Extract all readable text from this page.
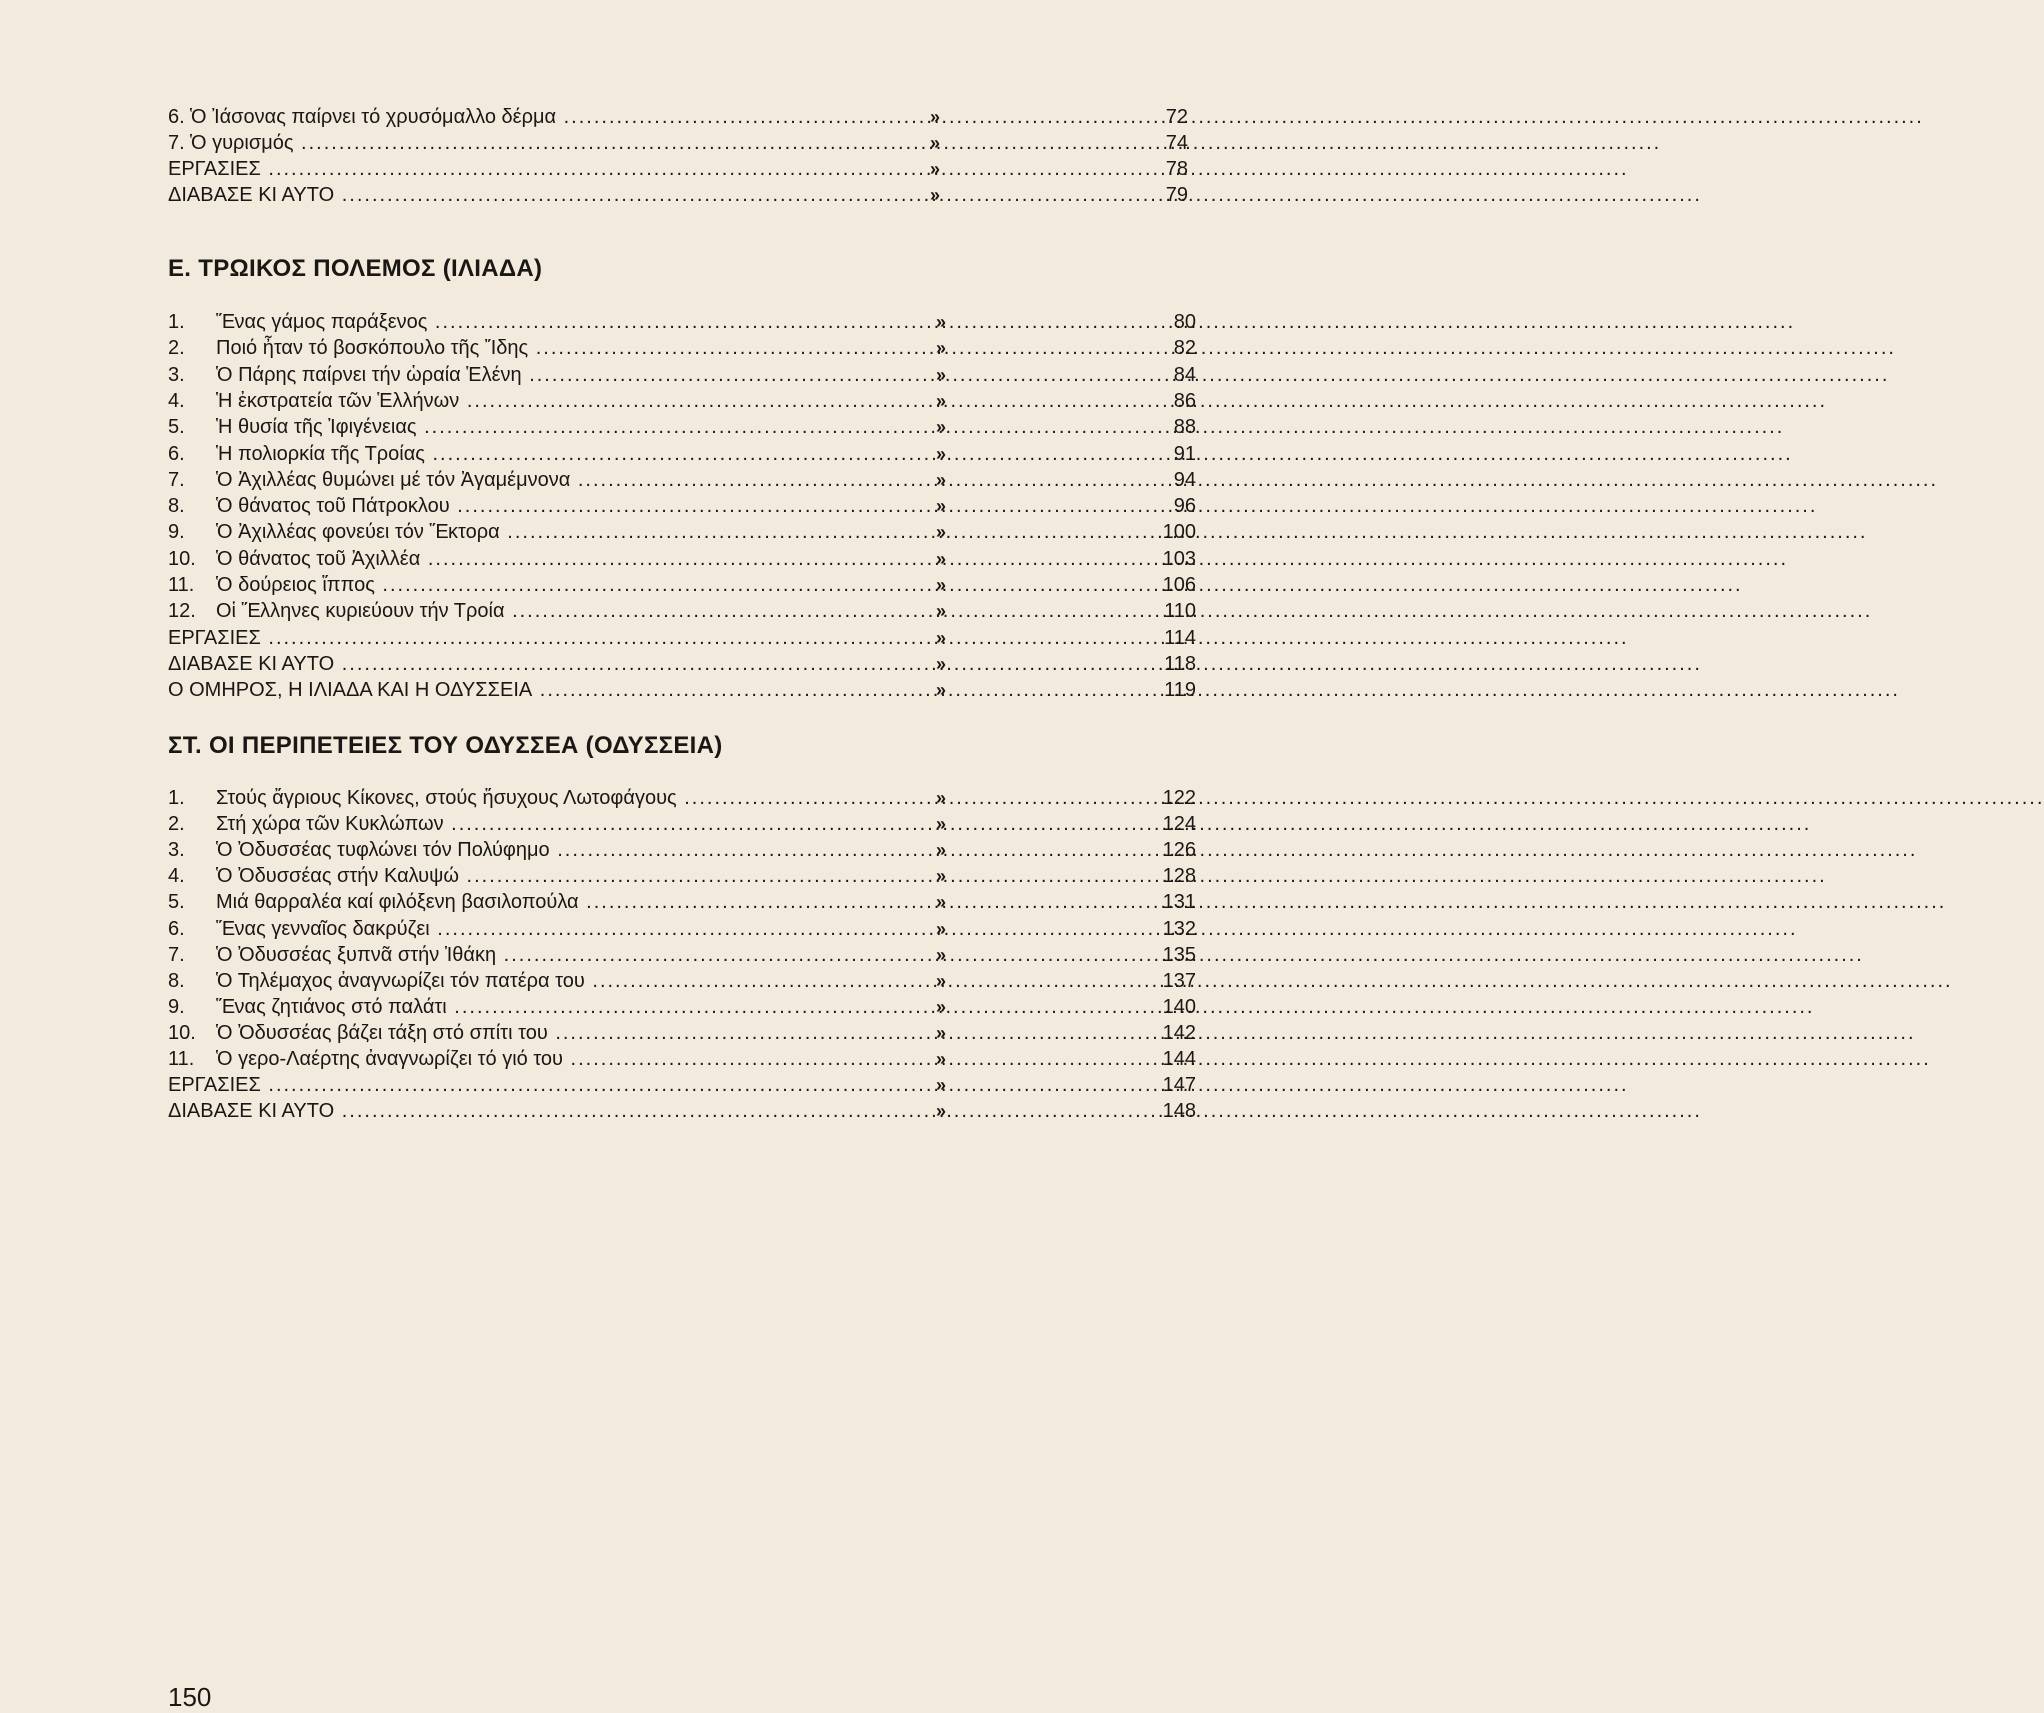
6. Ὁ Ἰάσονας παίρνει τό χρυσόμαλλο δέρμα .....	»	72
7. Ὁ γυρισμός .....	»	74
ΕΡΓΑΣΙΕΣ .....	»	78
ΔΙΑΒΑΣΕ ΚΙ ΑΥΤΟ .....	»	79
Ε. ΤΡΩΙΚΟΣ ΠΟΛΕΜΟΣ (ΙΛΙΑΔΑ)
1. Ἕνας γάμος παράξενος .....	»	80
2. Ποιό ἦταν τό βοσκόπουλο τῆς Ἴδης .....	»	82
3. Ὁ Πάρης παίρνει τήν ὡραία Ἑλένη .....	»	84
4. Ἡ ἐκστρατεία τῶν Ἑλλήνων .....	»	86
5. Ἡ θυσία τῆς Ἰφιγένειας .....	»	88
6. Ἡ πολιορκία τῆς Τροίας .....	»	91
7. Ὁ Ἀχιλλέας θυμώνει μέ τόν Ἀγαμέμνονα .....	»	94
8. Ὁ θάνατος τοῦ Πάτροκλου .....	»	96
9. Ὁ Ἀχιλλέας φονεύει τόν Ἕκτορα .....	»	100
10. Ὁ θάνατος τοῦ Ἀχιλλέα .....	»	103
11. Ὁ δούρειος ἵππος .....	»	106
12. Οἱ Ἕλληνες κυριεύουν τήν Τροία .....	»	110
ΕΡΓΑΣΙΕΣ .....	»	114
ΔΙΑΒΑΣΕ ΚΙ ΑΥΤΟ .....	»	118
Ο ΟΜΗΡΟΣ, Η ΙΛΙΑΔΑ ΚΑΙ Η ΟΔΥΣΣΕΙΑ .....	»	119
ΣΤ. ΟΙ ΠΕΡΙΠΕΤΕΙΕΣ ΤΟΥ ΟΔΥΣΣΕΑ (ΟΔΥΣΣΕΙΑ)
1. Στούς ἄγριους Κίκονες, στούς ἥσυχους Λωτοφάγους .....	»	122
2. Στή χώρα τῶν Κυκλώπων .....	»	124
3. Ὁ Ὀδυσσέας τυφλώνει τόν Πολύφημο .....	»	126
4. Ὁ Ὀδυσσέας στήν Καλυψώ .....	»	128
5. Μιά θαρραλέα καί φιλόξενη βασιλοπούλα .....	»	131
6. Ἕνας γενναῖος δακρύζει .....	»	132
7. Ὁ Ὀδυσσέας ξυπνᾶ στήν Ἰθάκη .....	»	135
8. Ὁ Τηλέμαχος ἀναγνωρίζει τόν πατέρα του .....	»	137
9. Ἕνας ζητιάνος στό παλάτι .....	»	140
10. Ὁ Ὀδυσσέας βάζει τάξη στό σπίτι του .....	»	142
11. Ὁ γερο-Λαέρτης ἀναγνωρίζει τό γιό του .....	»	144
ΕΡΓΑΣΙΕΣ .....	»	147
ΔΙΑΒΑΣΕ ΚΙ ΑΥΤΟ .....	»	148
150
